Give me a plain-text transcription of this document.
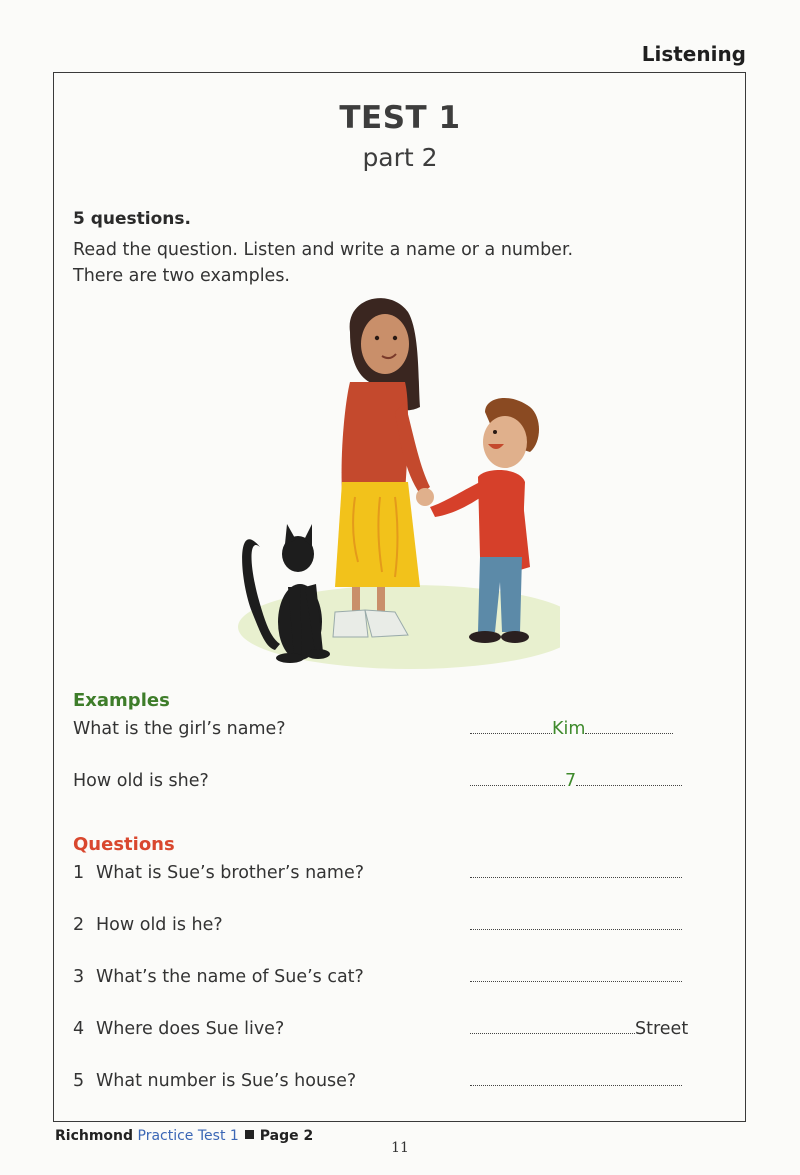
Listening
TEST 1
part 2
5 questions.
Read the question. Listen and write a name or a number.
There are two examples.
Examples
What is the girl’s name?	Kim
How old is she?	7
Questions
1 What is Sue’s brother’s name?
2 How old is he?
3 What’s the name of Sue’s cat?
4 Where does Sue live?	Street
5 What number is Sue’s house?
Richmond Practice Test 1 Page 2
11
